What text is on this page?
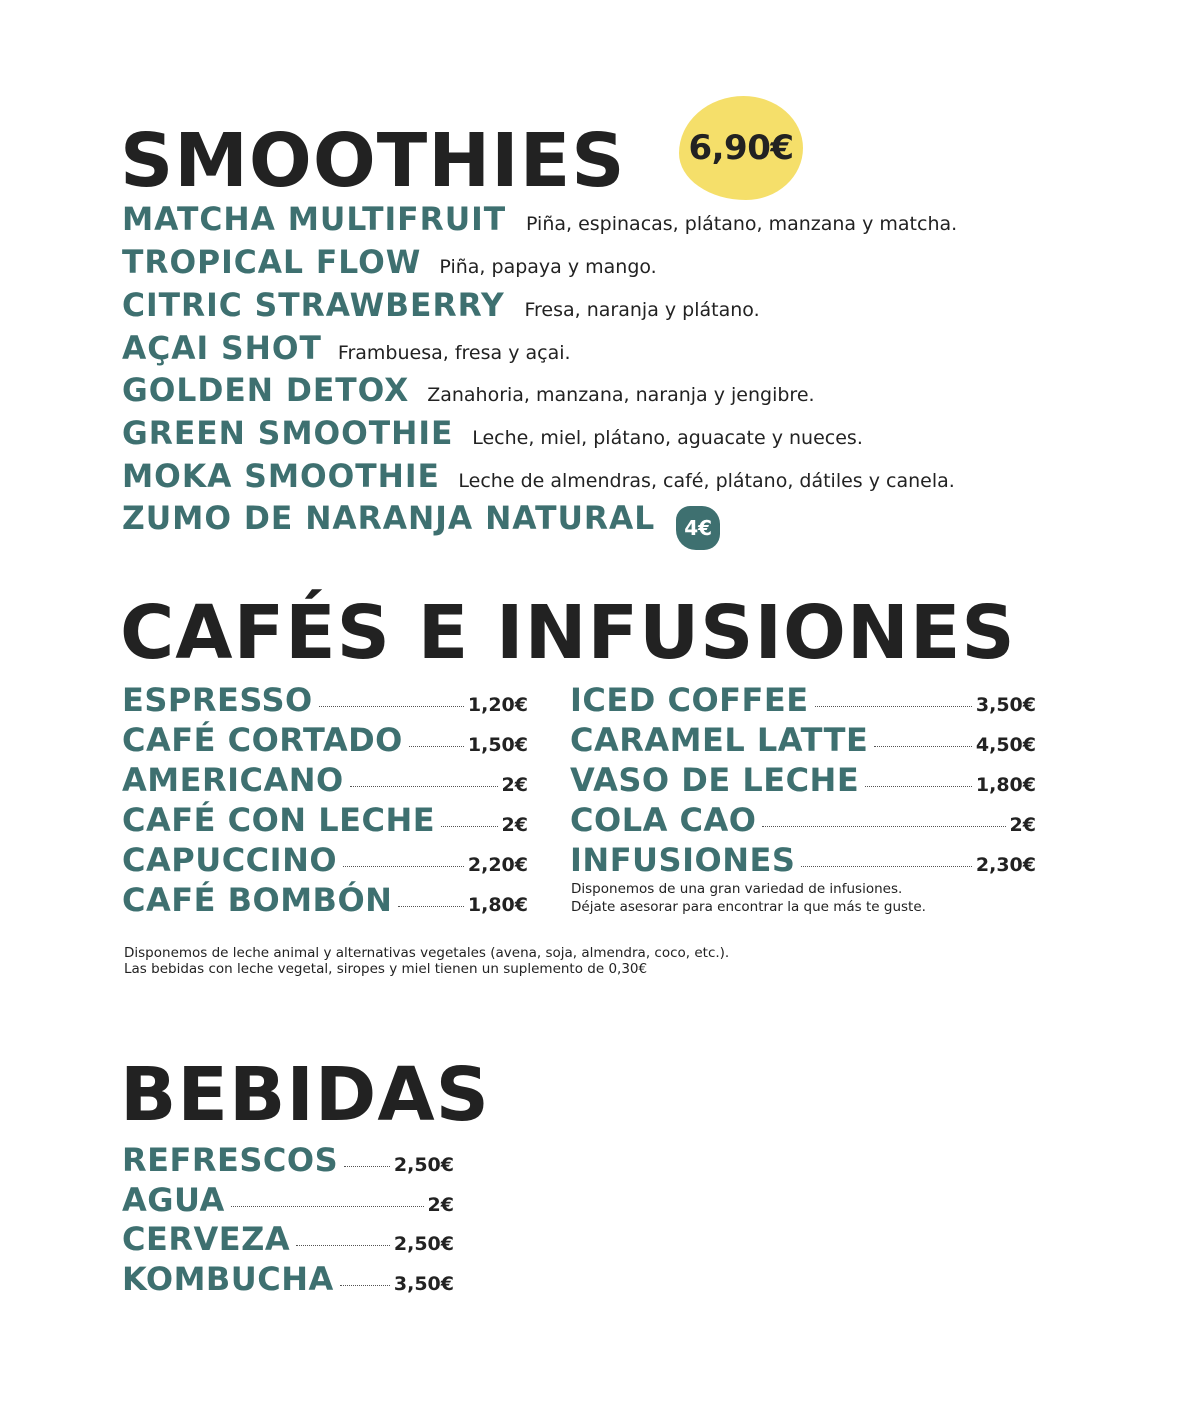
SMOOTHIES 6,90€
MATCHA MULTIFRUIT Piña, espinacas, plátano, manzana y matcha.
TROPICAL FLOW Piña, papaya y mango.
CITRIC STRAWBERRY Fresa, naranja y plátano.
AÇAI SHOT Frambuesa, fresa y açai.
GOLDEN DETOX Zanahoria, manzana, naranja y jengibre.
GREEN SMOOTHIE Leche, miel, plátano, aguacate y nueces.
MOKA SMOOTHIE Leche de almendras, café, plátano, dátiles y canela.
ZUMO DE NARANJA NATURAL 4€
CAFÉS E INFUSIONES
ESPRESSO	1,20€
CAFÉ CORTADO	1,50€
AMERICANO	2€
CAFÉ CON LECHE	2€
CAPUCCINO	2,20€
CAFÉ BOMBÓN	1,80€
ICED COFFEE	3,50€
CARAMEL LATTE	4,50€
VASO DE LECHE	1,80€
COLA CAO	2€
INFUSIONES	2,30€
Disponemos de una gran variedad de infusiones.
Déjate asesorar para encontrar la que más te guste.
Disponemos de leche animal y alternativas vegetales (avena, soja, almendra, coco, etc.).
Las bebidas con leche vegetal, siropes y miel tienen un suplemento de 0,30€
BEBIDAS
REFRESCOS	2,50€
AGUA	2€
CERVEZA	2,50€
KOMBUCHA	3,50€
